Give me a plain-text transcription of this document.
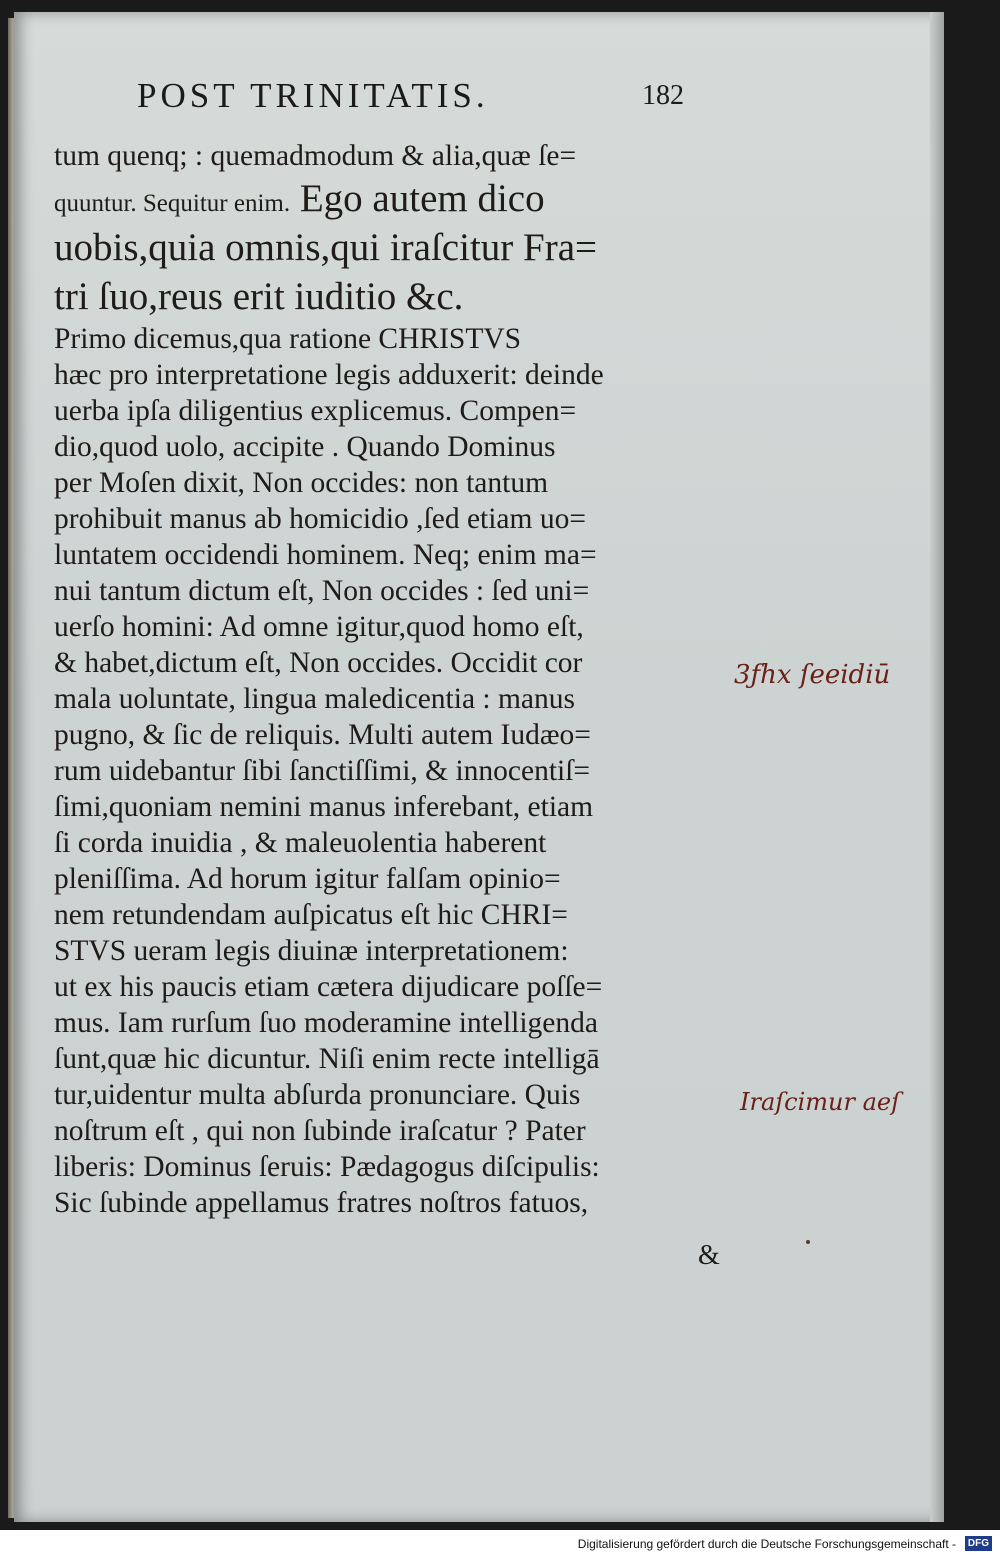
POST TRINITATIS.	182
tum quenq; : quemadmodum & alia,quæ ſe=
quuntur. Sequitur enim. Ego autem dico
uobis,quia omnis,qui iraſcitur Fra=
tri ſuo,reus erit iuditio &c.
Primo dicemus,qua ratione CHRISTVS
hæc pro interpretatione legis adduxerit: deinde
uerba ipſa diligentius explicemus. Compen=
dio,quod uolo, accipite . Quando Dominus
per Moſen dixit, Non occides: non tantum
prohibuit manus ab homicidio ,ſed etiam uo=
luntatem occidendi hominem. Neq; enim ma=
nui tantum dictum eſt, Non occides : ſed uni=
uerſo homini: Ad omne igitur,quod homo eſt,
& habet,dictum eſt, Non occides. Occidit cor
mala uoluntate, lingua maledicentia : manus
pugno, & ſic de reliquis. Multi autem Iudæo=
rum uidebantur ſibi ſanctiſſimi, & innocentiſ=
ſimi,quoniam nemini manus inferebant, etiam
ſi corda inuidia , & maleuolentia haberent
pleniſſima. Ad horum igitur falſam opinio=
nem retundendam auſpicatus eſt hic CHRI=
STVS ueram legis diuinæ interpretationem:
ut ex his paucis etiam cætera dijudicare poſſe=
mus. Iam rurſum ſuo moderamine intelligenda
ſunt,quæ hic dicuntur. Niſi enim recte intelligā
tur,uidentur multa abſurda pronunciare. Quis
noſtrum eſt , qui non ſubinde iraſcatur ? Pater
liberis: Dominus ſeruis: Pædagogus diſcipulis:
Sic ſubinde appellamus fratres noſtros fatuos,
&
3ƒhx ſeeidiū
Iraſcimur aeſ
Digitalisierung gefördert durch die Deutsche Forschungsgemeinschaft -	DFG
